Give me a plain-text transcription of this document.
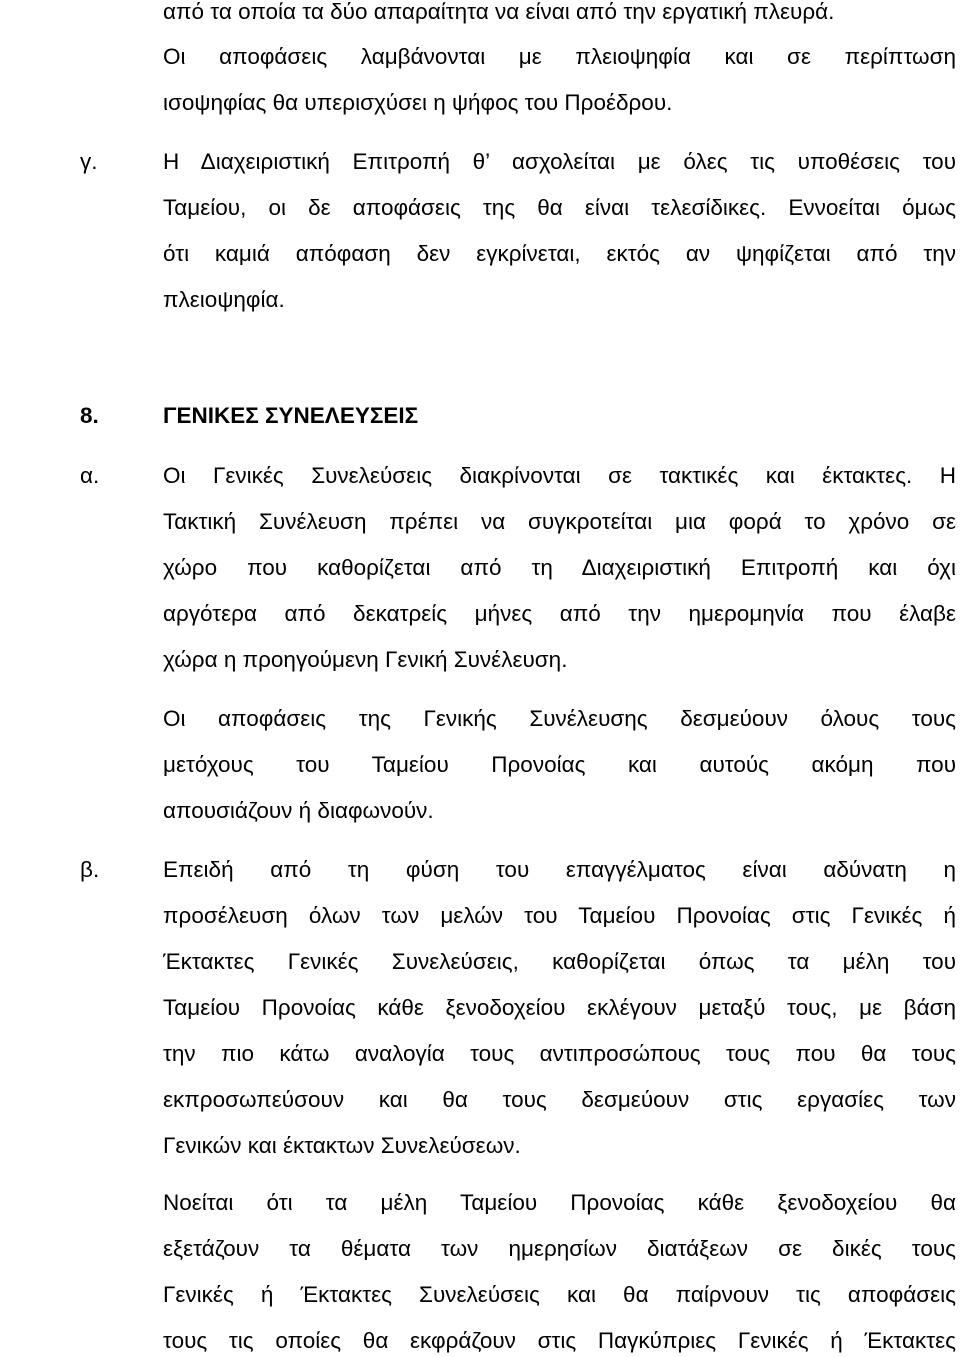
από τα οποία τα δύο απαραίτητα να είναι από την εργατική πλευρά.
Οι αποφάσεις λαμβάνονται με πλειοψηφία και σε περίπτωση
ισοψηφίας θα υπερισχύσει η ψήφος του Προέδρου.
γ.	Η Διαχειριστική Επιτροπή θ’ ασχολείται με όλες τις υποθέσεις του
Ταμείου, οι δε αποφάσεις της θα είναι τελεσίδικες. Εννοείται όμως
ότι καμιά απόφαση δεν εγκρίνεται, εκτός αν ψηφίζεται από την
πλειοψηφία.
8.	ΓΕΝΙΚΕΣ ΣΥΝΕΛΕΥΣΕΙΣ
α.	Οι Γενικές Συνελεύσεις διακρίνονται σε τακτικές και έκτακτες. Η
Τακτική Συνέλευση πρέπει να συγκροτείται μια φορά το χρόνο σε
χώρο που καθορίζεται από τη Διαχειριστική Επιτροπή και όχι
αργότερα από δεκατρείς μήνες από την ημερομηνία που έλαβε
χώρα η προηγούμενη Γενική Συνέλευση.
Οι αποφάσεις της Γενικής Συνέλευσης δεσμεύουν όλους τους
μετόχους του Ταμείου Προνοίας και αυτούς ακόμη που
απουσιάζουν ή διαφωνούν.
β.	Επειδή από τη φύση του επαγγέλματος είναι αδύνατη η
προσέλευση όλων των μελών του Ταμείου Προνοίας στις Γενικές ή
Έκτακτες Γενικές Συνελεύσεις, καθορίζεται όπως τα μέλη του
Ταμείου Προνοίας κάθε ξενοδοχείου εκλέγουν μεταξύ τους, με βάση
την πιο κάτω αναλογία τους αντιπροσώπους τους που θα τους
εκπροσωπεύσουν και θα τους δεσμεύουν στις εργασίες των
Γενικών και έκτακτων Συνελεύσεων.
Νοείται ότι τα μέλη Ταμείου Προνοίας κάθε ξενοδοχείου θα
εξετάζουν τα θέματα των ημερησίων διατάξεων σε δικές τους
Γενικές ή Έκτακτες Συνελεύσεις και θα παίρνουν τις αποφάσεις
τους τις οποίες θα εκφράζουν στις Παγκύπριες Γενικές ή Έκτακτες
